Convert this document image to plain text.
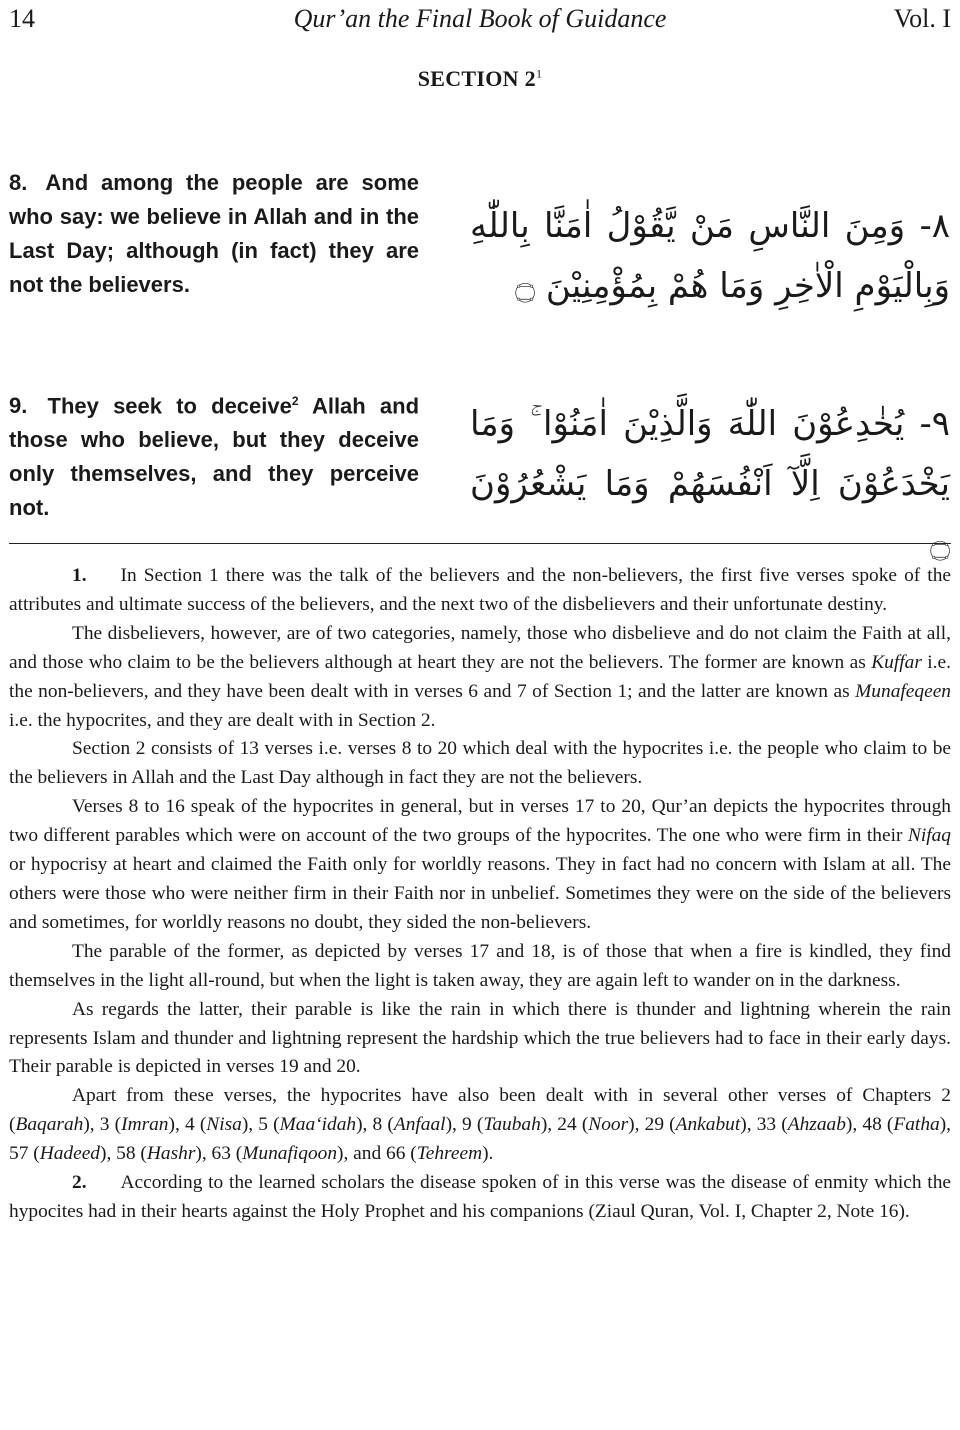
14	Qur’an the Final Book of Guidance	Vol. I
SECTION $2^1$
8. And among the people are some who say: we believe in Allah and in the Last Day; although (in fact) they are not the believers.
٨- وَمِنَ النَّاسِ مَنْ يَّقُوْلُ اٰمَنَّا بِاللّٰهِ وَبِالْيَوْمِ الْاٰخِرِ وَمَا هُمْ بِمُؤْمِنِيْنَ ۝
9. They seek to deceive$^2$ Allah and those who believe, but they deceive only themselves, and they perceive not.
٩- يُخٰدِعُوْنَ اللّٰهَ وَالَّذِيْنَ اٰمَنُوْا ۚ وَمَا يَخْدَعُوْنَ اِلَّآ اَنْفُسَهُمْ وَمَا يَشْعُرُوْنَ ۝

1. In Section 1 there was the talk of the believers and the non-believers, the first five verses spoke of the attributes and ultimate success of the believers, and the next two of the disbelievers and their unfortunate destiny.

The disbelievers, however, are of two categories, namely, those who disbelieve and do not claim the Faith at all, and those who claim to be the believers although at heart they are not the believers. The former are known as Kuffar i.e. the non-believers, and they have been dealt with in verses 6 and 7 of Section 1; and the latter are known as Munafeqeen i.e. the hypocrites, and they are dealt with in Section 2.

Section 2 consists of 13 verses i.e. verses 8 to 20 which deal with the hypocrites i.e. the people who claim to be the believers in Allah and the Last Day although in fact they are not the believers.

Verses 8 to 16 speak of the hypocrites in general, but in verses 17 to 20, Qur’an depicts the hypocrites through two different parables which were on account of the two groups of the hypocrites. The one who were firm in their Nifaq or hypocrisy at heart and claimed the Faith only for worldly reasons. They in fact had no concern with Islam at all. The others were those who were neither firm in their Faith nor in unbelief. Sometimes they were on the side of the believers and sometimes, for worldly reasons no doubt, they sided the non-believers.

The parable of the former, as depicted by verses 17 and 18, is of those that when a fire is kindled, they find themselves in the light all-round, but when the light is taken away, they are again left to wander on in the darkness.

As regards the latter, their parable is like the rain in which there is thunder and lightning wherein the rain represents Islam and thunder and lightning represent the hardship which the true believers had to face in their early days. Their parable is depicted in verses 19 and 20.

Apart from these verses, the hypocrites have also been dealt with in several other verses of Chapters 2 (Baqarah), 3 (Imran), 4 (Nisa), 5 (Maa‘idah), 8 (Anfaal), 9 (Taubah), 24 (Noor), 29 (Ankabut), 33 (Ahzaab), 48 (Fatha), 57 (Hadeed), 58 (Hashr), 63 (Munafiqoon), and 66 (Tehreem).

2. According to the learned scholars the disease spoken of in this verse was the disease of enmity which the hypocites had in their hearts against the Holy Prophet and his companions (Ziaul Quran, Vol. I, Chapter 2, Note 16).
